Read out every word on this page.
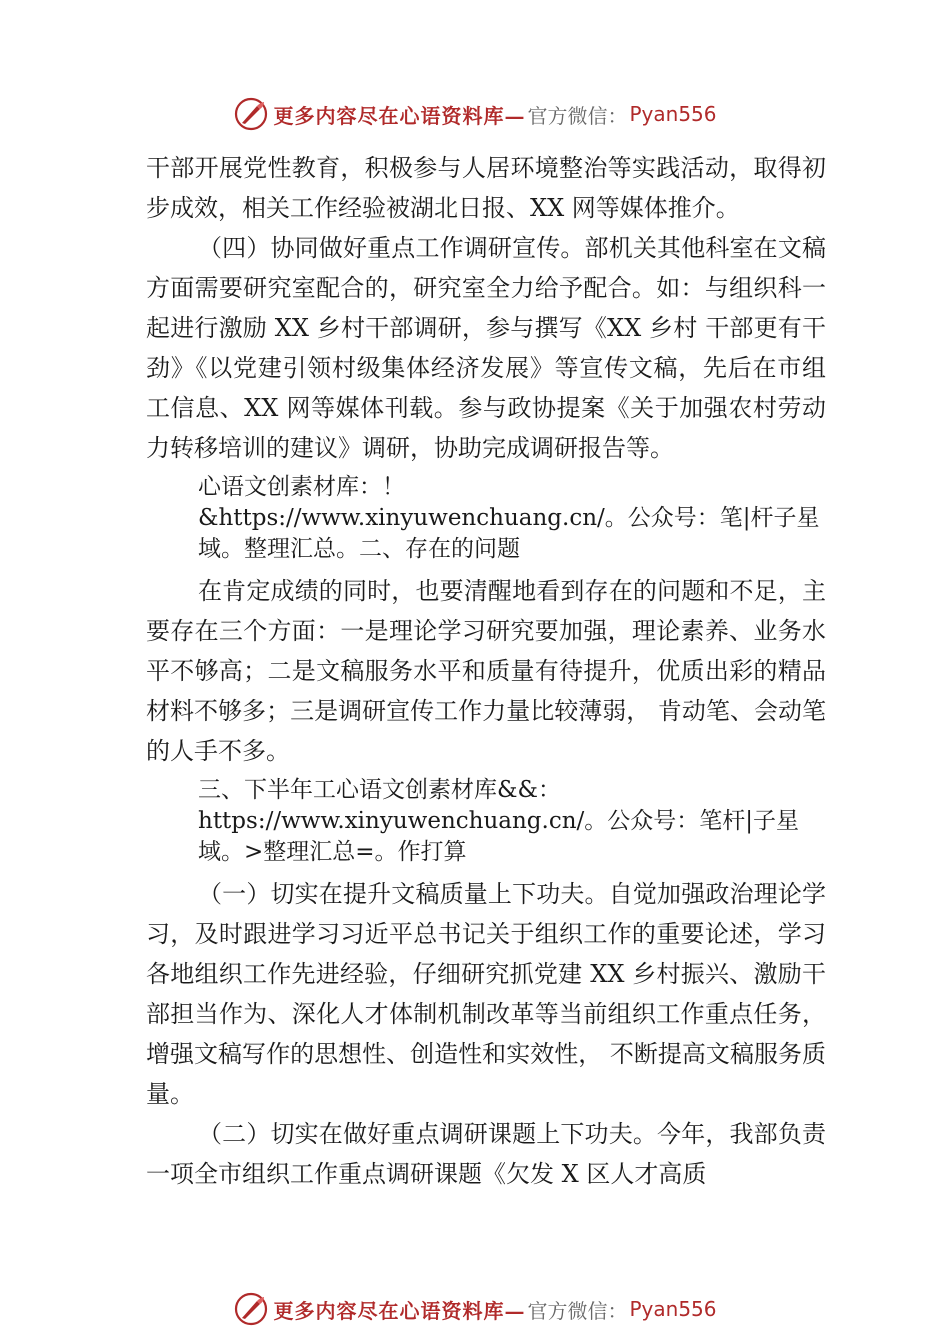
更多内容尽在心语资料库— 官方微信： Pyan556

干部开展党性教育，积极参与人居环境整治等实践活动，取得初步成效，相关工作经验被湖北日报、XX 网等媒体推介。

（四）协同做好重点工作调研宣传。部机关其他科室在文稿方面需要研究室配合的，研究室全力给予配合。如：与组织科一起进行激励 XX 乡村干部调研，参与撰写《XX 乡村 干部更有干劲》《以党建引领村级集体经济发展》等宣传文稿，先后在市组工信息、XX 网等媒体刊载。参与政协提案《关于加强农村劳动力转移培训的建议》调研，协助完成调研报告等。

心语文创素材库：！&https://www.xinyuwenchuang.cn/。公众号：笔|杆子星域。整理汇总。二、存在的问题

在肯定成绩的同时，也要清醒地看到存在的问题和不足，主要存在三个方面：一是理论学习研究要加强，理论素养、业务水平不够高；二是文稿服务水平和质量有待提升，优质出彩的精品材料不够多；三是调研宣传工作力量比较薄弱， 肯动笔、会动笔的人手不多。

三、下半年工心语文创素材库&&：https://www.xinyuwenchuang.cn/。公众号：笔杆|子星域。>整理汇总=。作打算

（一）切实在提升文稿质量上下功夫。自觉加强政治理论学习，及时跟进学习习近平总书记关于组织工作的重要论述，学习各地组织工作先进经验，仔细研究抓党建 XX 乡村振兴、激励干部担当作为、深化人才体制机制改革等当前组织工作重点任务，增强文稿写作的思想性、创造性和实效性， 不断提高文稿服务质量。

（二）切实在做好重点调研课题上下功夫。今年，我部负责一项全市组织工作重点调研课题《欠发 X 区人才高质

更多内容尽在心语资料库— 官方微信： Pyan556
